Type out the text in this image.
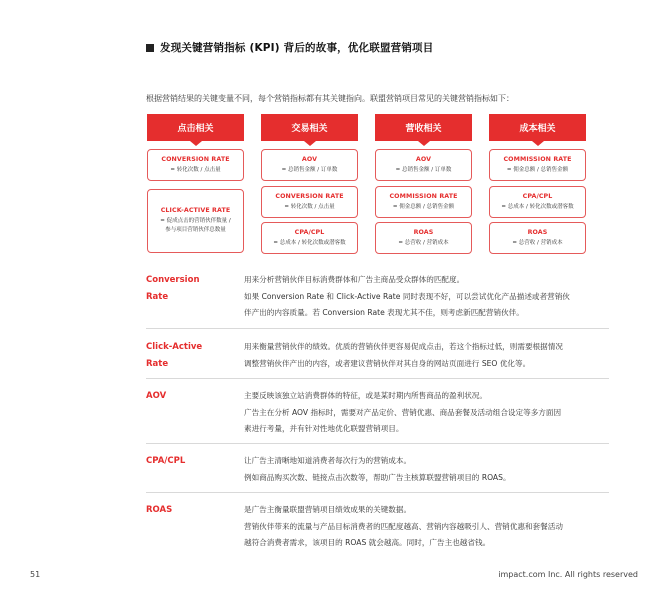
发现关键营销指标 (KPI) 背后的故事，优化联盟营销项目
根据营销结果的关键变量不同，每个营销指标都有其关键指向。联盟营销项目常见的关键营销指标如下：
点击相关	交易相关	营收相关	成本相关
CONVERSION RATE
= 转化次数 / 点击量
CLICK-ACTIVE RATE
= 促成点击的营销伙伴数量 /
参与项目营销伙伴总数量
AOV
= 总销售金额 / 订单数
CONVERSION RATE
= 转化次数 / 点击量
CPA/CPL
= 总成本 / 转化次数或潜客数
AOV
= 总销售金额 / 订单数
COMMISSION RATE
= 佣金总额 / 总销售金额
ROAS
= 总营收 / 营销成本
COMMISSION RATE
= 佣金总额 / 总销售金额
CPA/CPL
= 总成本 / 转化次数或潜客数
ROAS
= 总营收 / 营销成本
Conversion
Rate
用来分析营销伙伴目标消费群体和广告主商品受众群体的匹配度。
如果 Conversion Rate 和 Click-Active Rate 同时表现不好，可以尝试优化产品描述或者营销伙
伴产出的内容质量。若 Conversion Rate 表现尤其不佳，则考虑新匹配营销伙伴。
Click-Active
Rate
用来衡量营销伙伴的绩效。优质的营销伙伴更容易促成点击，若这个指标过低，则需要根据情况
调整营销伙伴产出的内容，或者建议营销伙伴对其自身的网站页面进行 SEO 优化等。
AOV	主要反映该独立站消费群体的特征，或是某时期内所售商品的盈利状况。
广告主在分析 AOV 指标时，需要对产品定价、营销优惠、商品套餐及活动组合设定等多方面因
素进行考量，并有针对性地优化联盟营销项目。
CPA/CPL	让广告主清晰地知道消费者每次行为的营销成本。
例如商品购买次数、链接点击次数等，帮助广告主核算联盟营销项目的 ROAS。
ROAS	是广告主衡量联盟营销项目绩效成果的关键数据。
营销伙伴带来的流量与产品目标消费者的匹配度越高、营销内容越吸引人、营销优惠和套餐活动
越符合消费者需求，该项目的 ROAS 就会越高。同时，广告主也越省钱。
51	impact.com Inc. All rights reserved
